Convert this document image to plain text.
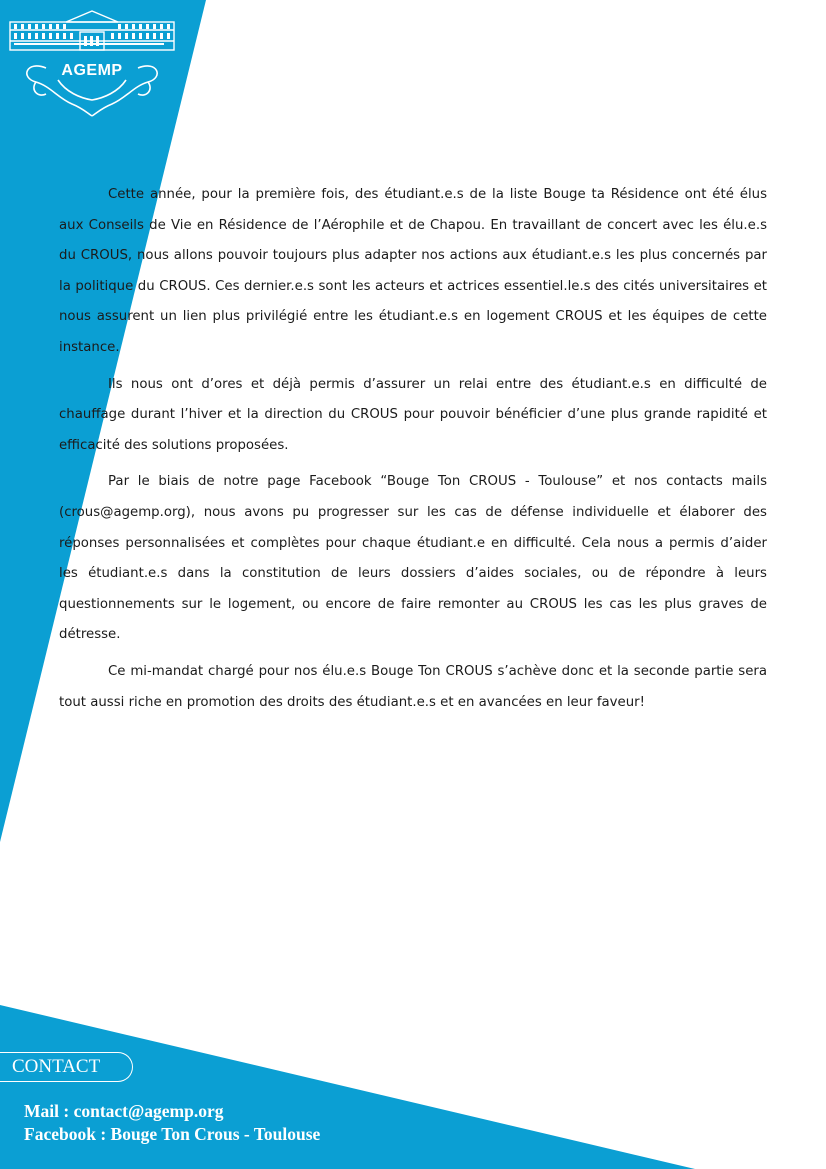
AGEMP

Cette année, pour la première fois, des étudiant.e.s de la liste Bouge ta Résidence ont été élus aux Conseils de Vie en Résidence de l’Aérophile et de Chapou. En travaillant de concert avec les élu.e.s du CROUS, nous allons pouvoir toujours plus adapter nos actions aux étudiant.e.s les plus concernés par la politique du CROUS. Ces dernier.e.s sont les acteurs et actrices essentiel.le.s des cités universitaires et nous assurent un lien plus privilégié entre les étudiant.e.s en logement CROUS et les équipes de cette instance.

Ils nous ont d’ores et déjà permis d’assurer un relai entre des étudiant.e.s en difficulté de chauffage durant l’hiver et la direction du CROUS pour pouvoir bénéficier d’une plus grande rapidité et efficacité des solutions proposées.

Par le biais de notre page Facebook “Bouge Ton CROUS - Toulouse” et nos contacts mails (crous@agemp.org), nous avons pu progresser sur les cas de défense individuelle et élaborer des réponses personnalisées et complètes pour chaque étudiant.e en difficulté. Cela nous a permis d’aider les étudiant.e.s dans la constitution de leurs dossiers d’aides sociales, ou de répondre à leurs questionnements sur le logement, ou encore de faire remonter au CROUS les cas les plus graves de détresse.

Ce mi-mandat chargé pour nos élu.e.s Bouge Ton CROUS s’achève donc et la seconde partie sera tout aussi riche en promotion des droits des étudiant.e.s et en avancées en leur faveur!

CONTACT
Mail : contact@agemp.org
Facebook : Bouge Ton Crous - Toulouse
